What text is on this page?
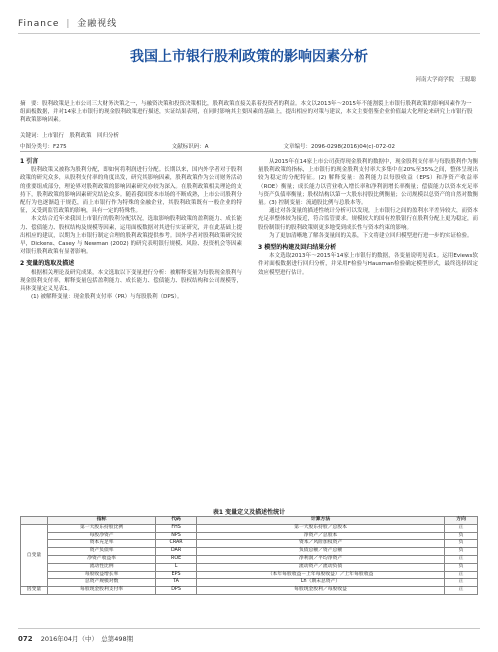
Finance | 金融视线
我国上市银行股利政策的影响因素分析
河南大学商学院　王聪聪
摘　要：股利政策是上市公司三大财务决策之一，与融资决策和投资决策相比，股利政策直接关系着投资者的利益。本文以2013年～2015年不能割裂上市银行股利政策的影响因素作为一组面板数据，并对14家上市银行的现金股利政策进行描述，实证结果表明，在同时影响其主要因素的基础上，提出相应的对策与建议，本文主要借鉴企业价值最大化理论来研究上市银行股利政策影响因素。
关键词：上市银行　股利政策　回归分析
中图分类号：F275	文献标识码：A	文章编号：2096-0298(2016)04(c)-072-02
1 引言
股利政策又被称为股利分配，即如何将利润进行分配。长期以来，国内外学者对于股利政策的研究众多，从股利支付率的角度出发，研究其影响因素，股利政策作为公司财务活动的重要组成部分，理论界对股利政策的影响因素研究亦较为深入。在股利政策相关理论的支持下，股利政策的影响因素研究结论众多。随着我国资本市场的不断成熟，上市公司股利分配行为也逐渐趋于规范，而上市银行作为特殊的金融企业，其股利政策既有一般企业的特征，又受到监管政策的影响，具有一定的特殊性。
本文结合近年来我国上市银行的股利分配状况，选取影响股利政策的盈利能力、成长能力、偿债能力、股权结构及规模等因素，运用面板数据对其进行实证研究，并在此基础上提出相应的建议，以期为上市银行制定合理的股利政策提供参考。国外学者对股利政策研究较早，Dickens、Casey 与 Newman (2002) 的研究表明银行规模、风险、投资机会等因素对银行股利政策有显著影响。
2 变量的选取及描述
根据相关理论及研究成果，本文选取以下变量进行分析：被解释变量为每股现金股利与现金股利支付率，解释变量包括盈利能力、成长能力、偿债能力、股权结构和公司规模等，具体变量定义见表1。
(1) 被解释变量：现金股利支付率（PR）与每股股利（DPS）。
从2015年在14家上市公司获得现金股利的数据中，现金股利支付率与每股股利作为衡量股利政策的指标，上市银行的现金股利支付率大多集中在20%至35%之间，整体呈现出较为稳定的分配特征。(2) 解释变量：盈利能力以每股收益（EPS）和净资产收益率（ROE）衡量；成长能力以营业收入增长率和净利润增长率衡量；偿债能力以资本充足率与资产负债率衡量；股权结构以第一大股东持股比例衡量；公司规模以总资产的自然对数衡量。(3) 控制变量：流通股比例与总股本等。
通过对各变量的描述性统计分析可以发现，上市银行之间的盈利水平差异较大，而资本充足率整体较为接近，符合监管要求。规模较大的国有控股银行在股利分配上更为稳定，而股份制银行的股利政策则更多地受到成长性与资本约束的影响。
为了更加清晰地了解各变量间的关系，下文将建立回归模型进行进一步的实证检验。
3 模型的构建及回归结果分析
本文选取2013年～2015年14家上市银行的数据，各变量说明见表1。运用Eviews软件对面板数据进行回归分析，并采用F检验与Hausman检验确定模型形式，最终选择固定效应模型进行估计。
表1 变量定义及描述性统计
	指标	代码	计算方法	方向
自变量	第一大股东持股比例	FHS	第一大股东持股／总股本	正
	每股净资产	NPS	净资产／总股本	负
	资本充足率	CRAR	资本／风险加权资产	负
	资产负债率	DAR	负债总额／资产总额	负
	净资产收益率	ROE	净利润／平均净资产	正
	流动性比例	L	流动资产／流动负债	负
	每股收益增长率	EPS	（本年每股收益－上年每股收益）／上年每股收益	正
	总资产规模对数	TA	Ln（期末总资产）	正
因变量	每股现金股利支付率	DPS	每股现金股利／每股收益	正
072 2016年04月（中）　总第498期
